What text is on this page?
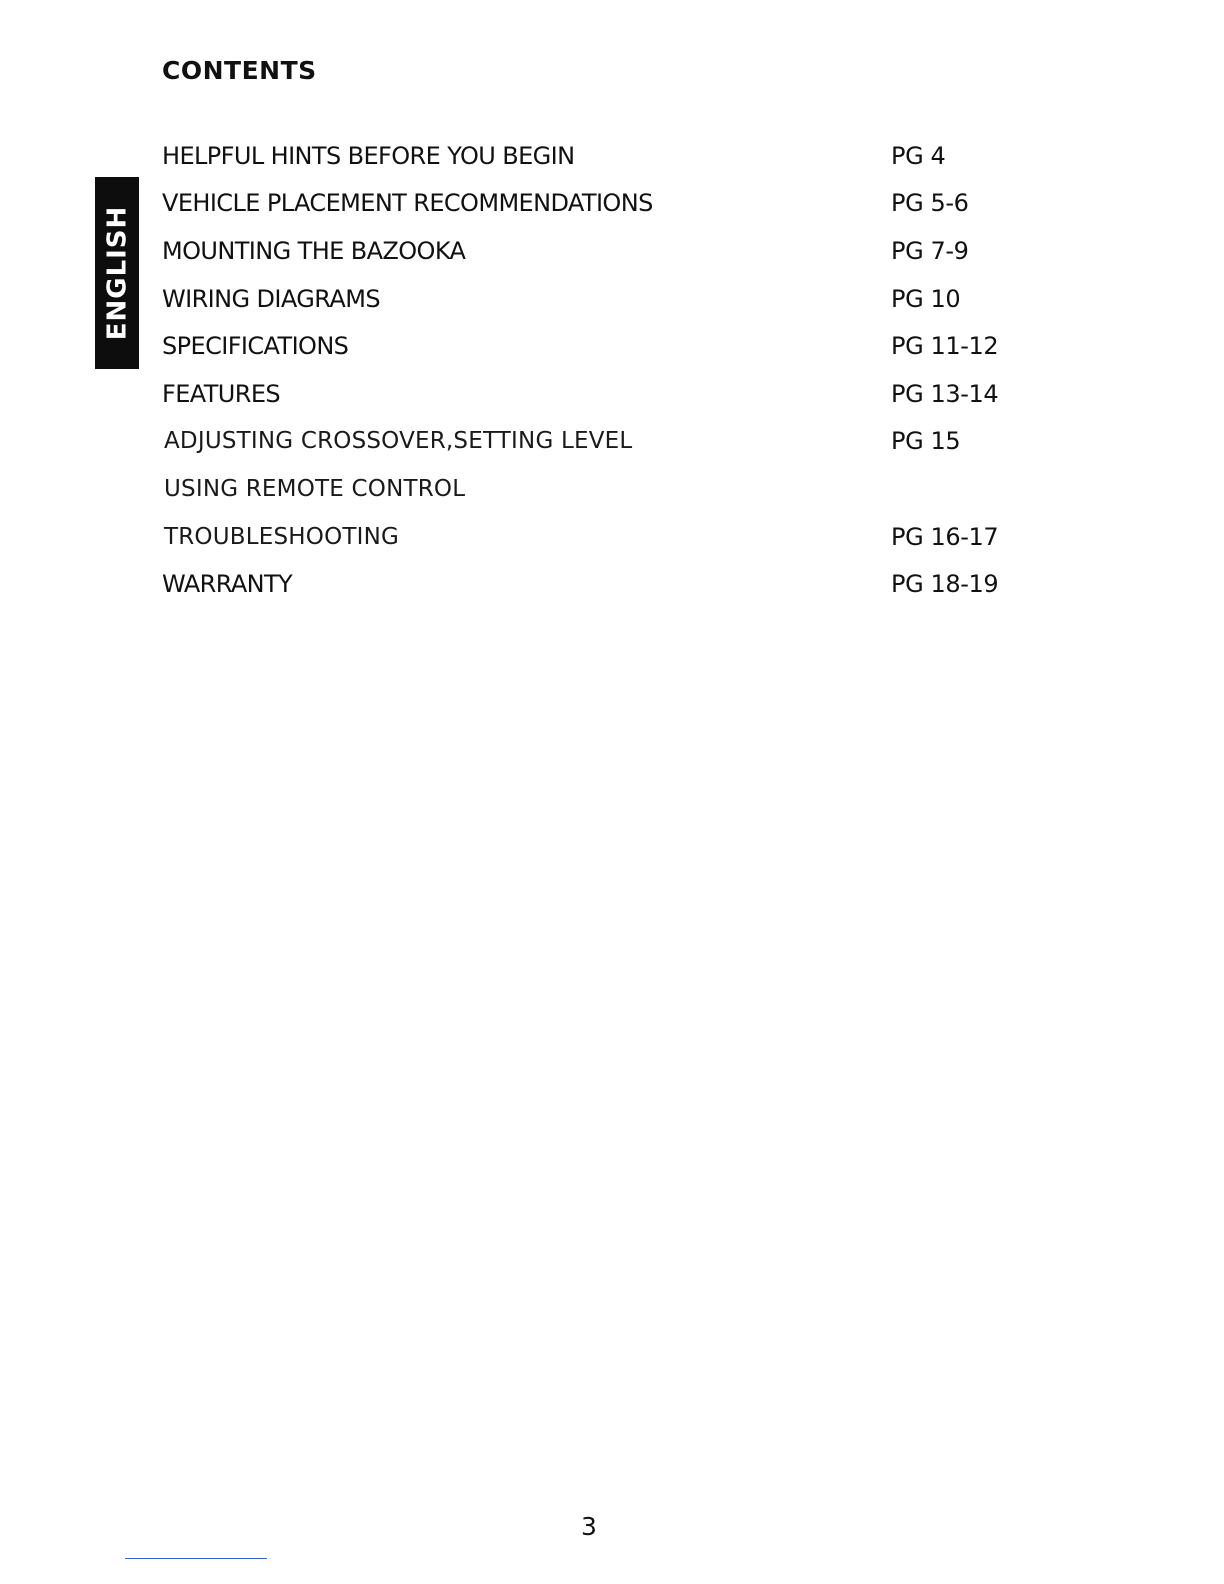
CONTENTS
ENGLISH
HELPFUL HINTS BEFORE YOU BEGIN	PG 4
VEHICLE PLACEMENT RECOMMENDATIONS	PG 5-6
MOUNTING THE BAZOOKA	PG 7-9
WIRING DIAGRAMS	PG 10
SPECIFICATIONS	PG 11-12
FEATURES	PG 13-14
ADJUSTING CROSSOVER,SETTING LEVEL	PG 15
USING REMOTE CONTROL
TROUBLESHOOTING	PG 16-17
WARRANTY	PG 18-19
3
